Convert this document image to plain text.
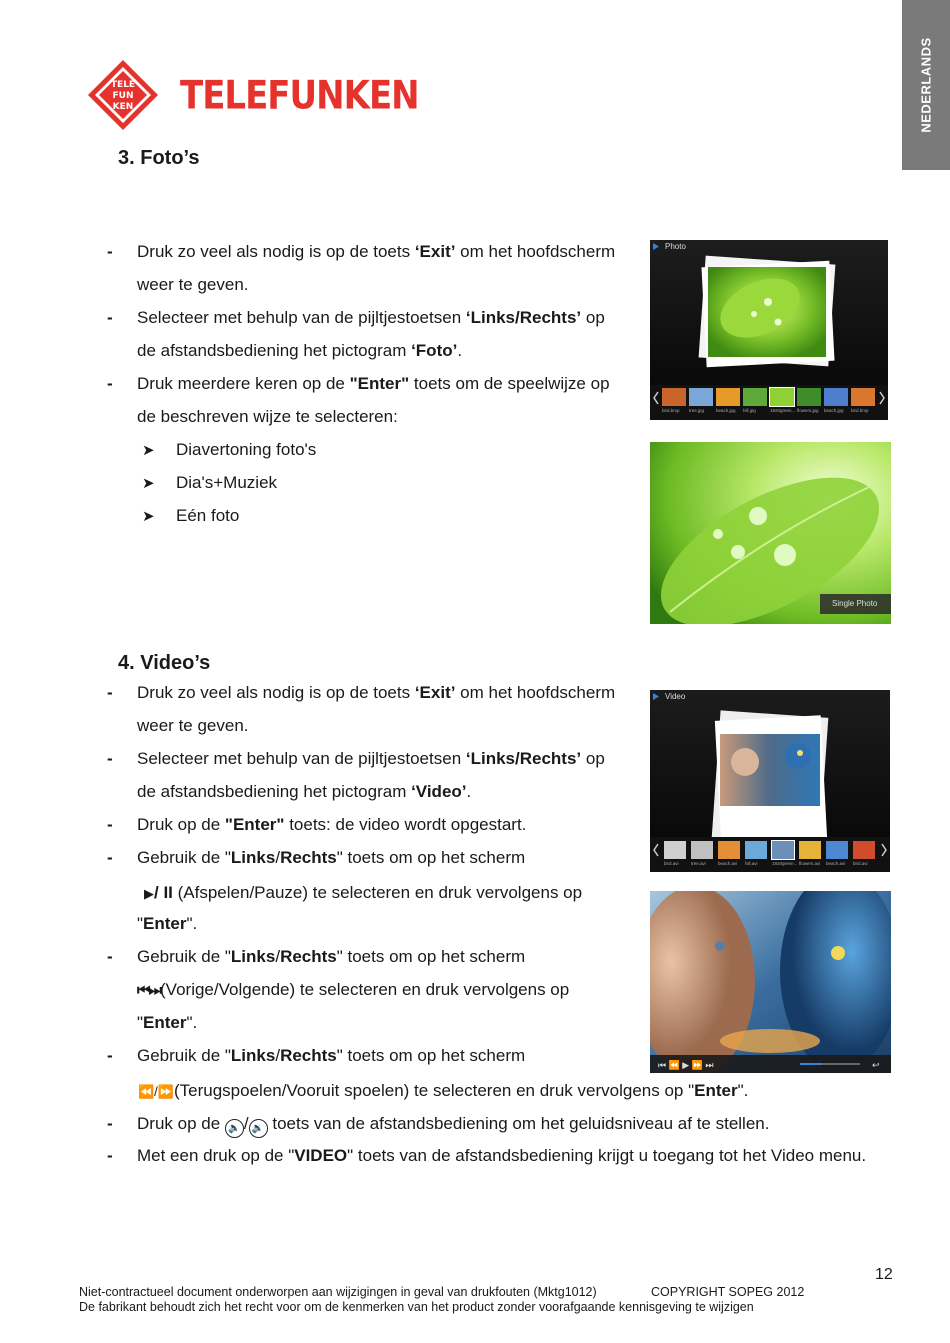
NEDERLANDS
TELE
FUN
KEN TELEFUNKEN
3. Foto’s
- Druk zo veel als nodig is op de toets ‘Exit’ om het hoofdscherm
weer te geven.
- Selecteer met behulp van de pijltjestoetsen ‘Links/Rechts’ op
de afstandsbediening het pictogram ‘Foto’.
- Druk meerdere keren op de "Enter" toets om de speelwijze op
de beschreven wijze te selecteren:
➤ Diavertoning foto's
➤ Dia's+Muziek
➤ Eén foto
Photo
bird.bmp	tree.jpg	beach.jpg	hill.jpg	1920green... flowers.jpg	beach.jpg	bird.bmp
Single Photo
4. Video’s
- Druk zo veel als nodig is op de toets ‘Exit’ om het hoofdscherm
weer te geven.
- Selecteer met behulp van de pijltjestoetsen ‘Links/Rechts’ op
de afstandsbediening het pictogram ‘Video’.
- Druk op de "Enter" toets: de video wordt opgestart.
- Gebruik de "Links/Rechts" toets om op het scherm
▶/ II (Afspelen/Pauze) te selecteren en druk vervolgens op
"Enter".
- Gebruik de "Links/Rechts" toets om op het scherm
⏮⏭(Vorige/Volgende) te selecteren en druk vervolgens op
"Enter".
- Gebruik de "Links/Rechts" toets om op het scherm
⏪/⏩(Terugspoelen/Vooruit spoelen) te selecteren en druk vervolgens op "Enter".
- Druk op de 🔈 / 🔉 toets van de afstandsbediening om het geluidsniveau af te stellen.
- Met een druk op de "VIDEO" toets van de afstandsbediening krijgt u toegang tot het Video menu.
Video
bird.avi	tree.avi	beach.avi	hill.avi	1920green... flowers.avi	beach.avi	bird.avi
⏮ ⏪ ▶ ⏩ ⏭	↩
12
Niet-contractueel document onderworpen aan wijzigingen in geval van drukfouten (Mktg1012)	COPYRIGHT SOPEG 2012
De fabrikant behoudt zich het recht voor om de kenmerken van het product zonder voorafgaande kennisgeving te wijzigen
